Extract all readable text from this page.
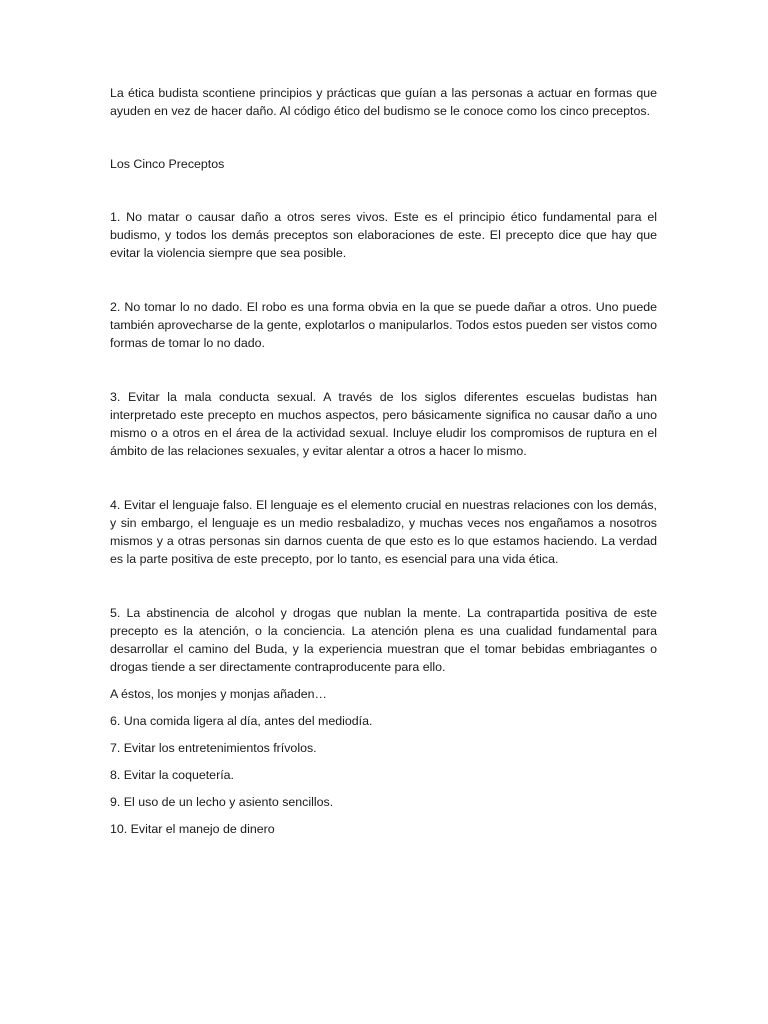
La ética budista scontiene principios y prácticas que guían a las personas a actuar en formas que ayuden en vez de hacer daño. Al código ético del budismo se le conoce como los cinco preceptos.

Los Cinco Preceptos

1. No matar o causar daño a otros seres vivos. Este es el principio ético fundamental para el budismo, y todos los demás preceptos son elaboraciones de este. El precepto dice que hay que evitar la violencia siempre que sea posible.

2. No tomar lo no dado. El robo es una forma obvia en la que se puede dañar a otros. Uno puede también aprovecharse de la gente, explotarlos o manipularlos. Todos estos pueden ser vistos como formas de tomar lo no dado.

3. Evitar la mala conducta sexual. A través de los siglos diferentes escuelas budistas han interpretado este precepto en muchos aspectos, pero básicamente significa no causar daño a uno mismo o a otros en el área de la actividad sexual. Incluye eludir los compromisos de ruptura en el ámbito de las relaciones sexuales, y evitar alentar a otros a hacer lo mismo.

4. Evitar el lenguaje falso. El lenguaje es el elemento crucial en nuestras relaciones con los demás, y sin embargo, el lenguaje es un medio resbaladizo, y muchas veces nos engañamos a nosotros mismos y a otras personas sin darnos cuenta de que esto es lo que estamos haciendo. La verdad es la parte positiva de este precepto, por lo tanto, es esencial para una vida ética.

5. La abstinencia de alcohol y drogas que nublan la mente. La contrapartida positiva de este precepto es la atención, o la conciencia. La atención plena es una cualidad fundamental para desarrollar el camino del Buda, y la experiencia muestran que el tomar bebidas embriagantes o drogas tiende a ser directamente contraproducente para ello.

A éstos, los monjes y monjas añaden…

6. Una comida ligera al día, antes del mediodía.

7. Evitar los entretenimientos frívolos.

8. Evitar la coquetería.

9. El uso de un lecho y asiento sencillos.

10. Evitar el manejo de dinero
